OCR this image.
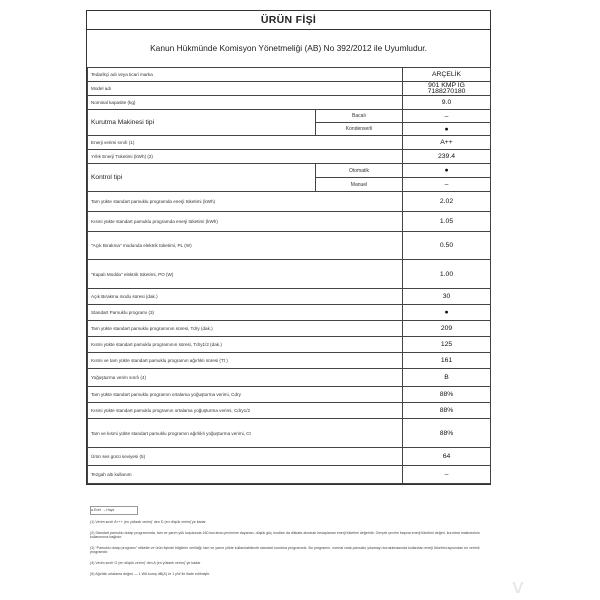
ÜRÜN FİŞİ
Kanun Hükmünde Komisyon Yönetmeliği (AB) No 392/2012 ile Uyumludur.
Tedarikçi adı veya ticari marka		ARÇELİK
Model adı		901 KMP IG
7188270180

Nominal kapasite (kg)		9.0
Kurutma Makinesi tipi	Bacalı	–
	Kondenserli	●
Enerji verimi sınıfı (1)		A++
Yıllık Enerji Tüketimi (kWh) (2)		239.4
Kontrol tipi	Otomatik	●
	Manuel	–
Tam yükte standart pamuklu programda enerji tüketimi (kWh)		2.02
Kısmi yükte standart pamuklu programda enerji tüketimi (kWh)		1.05
"Açık Bırakma" modunda elektrik tüketimi, PL (W)		0.50
"Kapalı Modda" elektrik tüketimi, PO (W)		1.00
Açık Bırakma modu süresi (dak.)		30
Standart Pamuklu programı (3)		●
Tam yükte standart pamuklu programının süresi, Tdry (dak.)		209
Kısmi yükte standart pamuklu programının süresi, Tdry1/2 (dak.)		125
Kısmi ve tam yükte standart pamuklu programın ağırlıklı süresi (Tt )		161
Yoğuşturma verim sınıfı (4)		B
Tam yükte standart pamuklu programın ortalama yoğuşturma verimi, Cdry		88%
Kısmi yükte standart pamuklu programın ortalama yoğuşturma verimi, Cdry1/2		88%
Tam ve kısmi yükte standart pamuklu programın ağırlıklı yoğuşturma verimi, Ct		88%
Ürün ses gücü seviyesi (5)		64
Tezgah altı kullanım		–
● Evet – Hayır

(1) Verim sınıfı A+++ (en yüksek verim)' den D (en düşük verim)'ye kadar

(2) Standart pamuklu dolap programında, tam ve yarım yük koşulunda 160 kurutma çevrimine dayanan, düşük güç modları da dikkate alınarak hesaplanan enerji tüketimi değeridir. Gerçek çevrim başına enerji tüketimi değeri, kurutma makinesinin kullanımına bağlıdır.

(3) "Pamuklu dolap programı" etikette ve ürün fişinde bilgilerin verildiği, tam ve yarım yükte kullanılabilecek standart kurutma programıdır. Bu programın, normal ıslak pamuklu yıkamayı kurutulmasında kullanılan enerji tüketimi açısından en verimli programdır.

(4) Verim sınıfı G (en düşük verim)' den A (en yüksek verim)' ye kadar

(5) Ağırlıklı ortalama değeri — L WA kuruş dB(A) re 1 pW ile ifade edilmiştir.

v
